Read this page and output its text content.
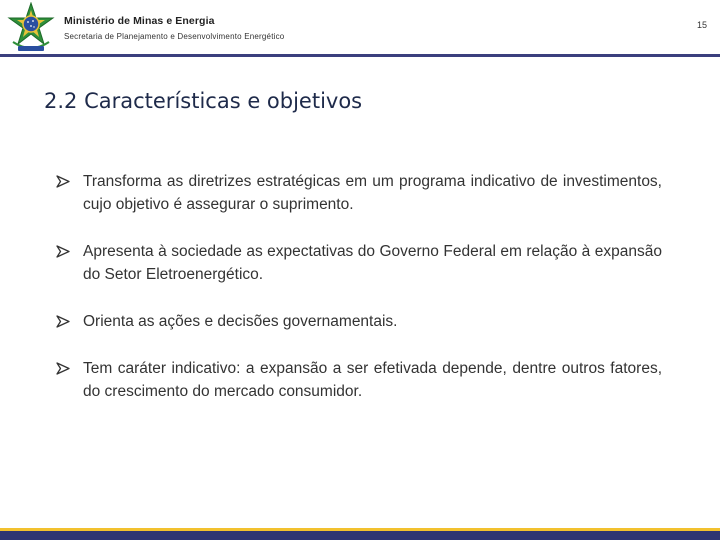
Ministério de Minas e Energia
Secretaria de Planejamento e Desenvolvimento Energético
15
2.2 Características e objetivos
Transforma as diretrizes estratégicas em um programa indicativo de investimentos, cujo objetivo é assegurar o suprimento.
Apresenta à sociedade as expectativas do Governo Federal em relação à expansão do Setor Eletroenergético.
Orienta as ações e decisões governamentais.
Tem caráter indicativo: a expansão a ser efetivada depende, dentre outros fatores, do crescimento do mercado consumidor.
